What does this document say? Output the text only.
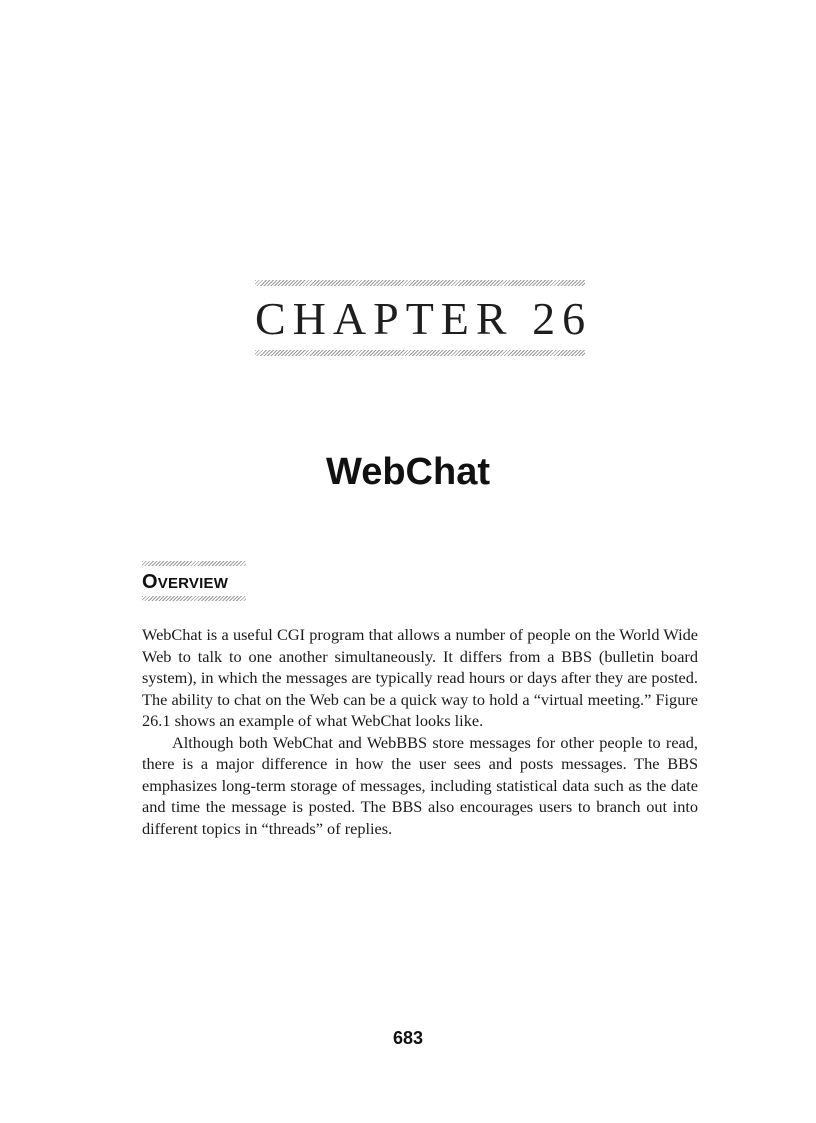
CHAPTER 26
WebChat
OVERVIEW

WebChat is a useful CGI program that allows a number of people on the World Wide Web to talk to one another simultaneously. It differs from a BBS (bulletin board system), in which the messages are typically read hours or days after they are posted. The ability to chat on the Web can be a quick way to hold a “virtual meeting.” Figure 26.1 shows an example of what WebChat looks like.

Although both WebChat and WebBBS store messages for other people to read, there is a major difference in how the user sees and posts messages. The BBS emphasizes long-term storage of messages, including statistical data such as the date and time the message is posted. The BBS also encourages users to branch out into different topics in “threads” of replies.

683
